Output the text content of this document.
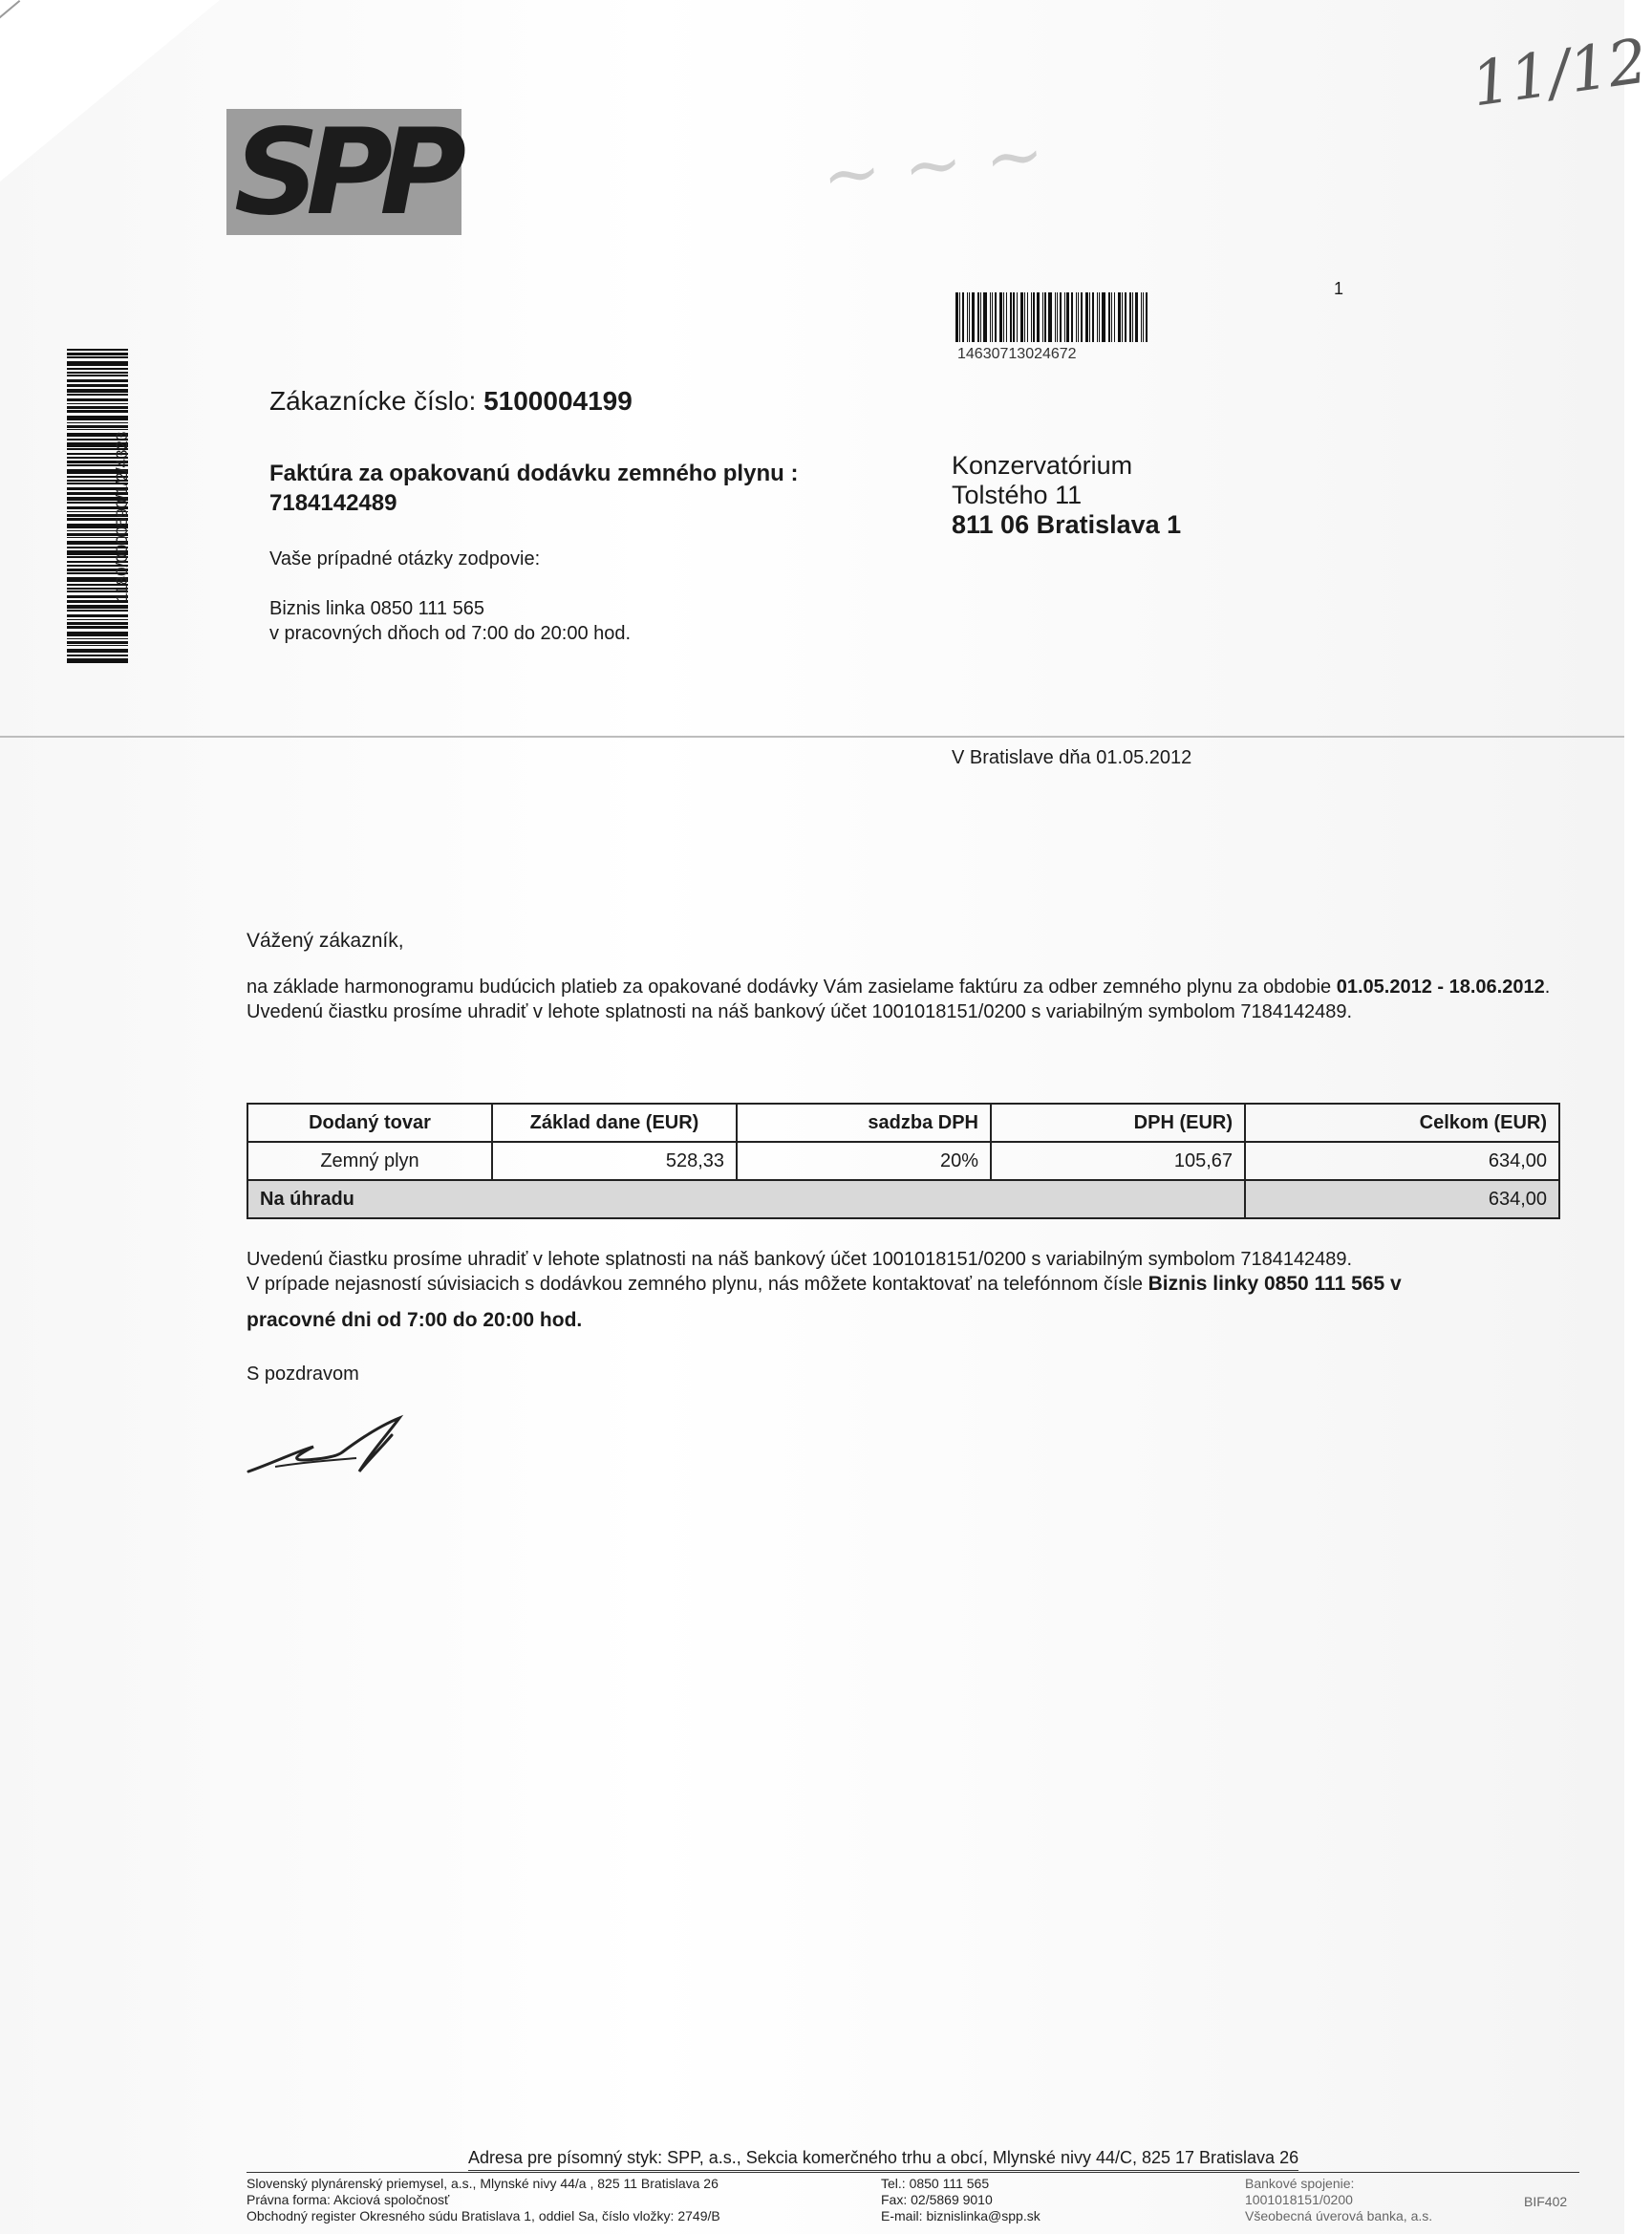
~ ~ ~
SPP
11/12
1
14630713024672
1180/0000590/1/2/4323
Zákaznícke číslo: 5100004199
Faktúra za opakovanú dodávku zemného plynu :
7184142489
Vaše prípadné otázky zodpovie:
Biznis linka 0850 111 565
v pracovných dňoch od 7:00 do 20:00 hod.
Konzervatórium
Tolstého 11
811 06 Bratislava 1
V Bratislave dňa 01.05.2012
Vážený zákazník,
na základe harmonogramu budúcich platieb za opakované dodávky Vám zasielame faktúru za odber zemného plynu za obdobie 01.05.2012 - 18.06.2012.
Uvedenú čiastku prosíme uhradiť v lehote splatnosti na náš bankový účet 1001018151/0200 s variabilným symbolom 7184142489.
Dodaný tovar	Základ dane (EUR)	sadzba DPH	DPH (EUR)	Celkom (EUR)
Zemný plyn	528,33	20%	105,67	634,00
Na úhradu				634,00
Uvedenú čiastku prosíme uhradiť v lehote splatnosti na náš bankový účet 1001018151/0200 s variabilným symbolom 7184142489.
V prípade nejasností súvisiacich s dodávkou zemného plynu, nás môžete kontaktovať na telefónnom čísle Biznis linky 0850 111 565 v
pracovné dni od 7:00 do 20:00 hod.
S pozdravom
Adresa pre písomný styk: SPP, a.s., Sekcia komerčného trhu a obcí, Mlynské nivy 44/C, 825 17 Bratislava 26
Slovenský plynárenský priemysel, a.s., Mlynské nivy 44/a , 825 11 Bratislava 26
Právna forma: Akciová spoločnosť
Obchodný register Okresného súdu Bratislava 1, oddiel Sa, číslo vložky: 2749/B
Tel.: 0850 111 565
Fax: 02/5869 9010
E-mail: biznislinka@spp.sk
Bankové spojenie:
1001018151/0200
Všeobecná úverová banka, a.s.
BIF402
